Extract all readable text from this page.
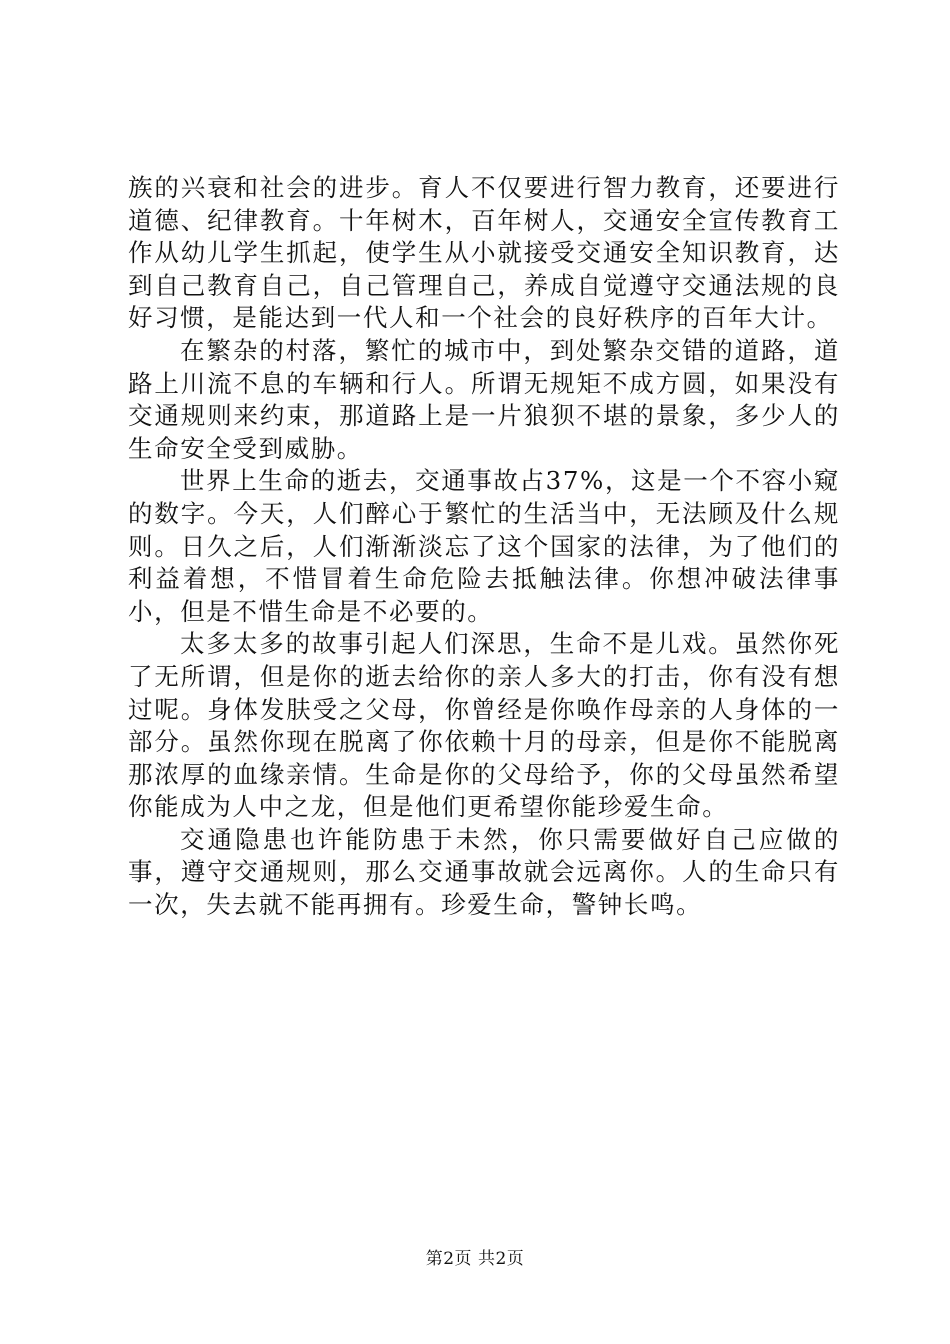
族的兴衰和社会的进步。育人不仅要进行智力教育，还要进行道德、纪律教育。十年树木，百年树人，交通安全宣传教育工作从幼儿学生抓起，使学生从小就接受交通安全知识教育，达到自己教育自己，自己管理自己，养成自觉遵守交通法规的良好习惯，是能达到一代人和一个社会的良好秩序的百年大计。

在繁杂的村落，繁忙的城市中，到处繁杂交错的道路，道路上川流不息的车辆和行人。所谓无规矩不成方圆，如果没有交通规则来约束，那道路上是一片狼狈不堪的景象，多少人的生命安全受到威胁。

世界上生命的逝去，交通事故占37%，这是一个不容小窥的数字。今天，人们醉心于繁忙的生活当中，无法顾及什么规则。日久之后，人们渐渐淡忘了这个国家的法律，为了他们的利益着想，不惜冒着生命危险去抵触法律。你想冲破法律事小，但是不惜生命是不必要的。

太多太多的故事引起人们深思，生命不是儿戏。虽然你死了无所谓，但是你的逝去给你的亲人多大的打击，你有没有想过呢。身体发肤受之父母，你曾经是你唤作母亲的人身体的一部分。虽然你现在脱离了你依赖十月的母亲，但是你不能脱离那浓厚的血缘亲情。生命是你的父母给予，你的父母虽然希望你能成为人中之龙，但是他们更希望你能珍爱生命。

交通隐患也许能防患于未然，你只需要做好自己应做的事，遵守交通规则，那么交通事故就会远离你。人的生命只有一次，失去就不能再拥有。珍爱生命，警钟长鸣。

第2页 共2页
